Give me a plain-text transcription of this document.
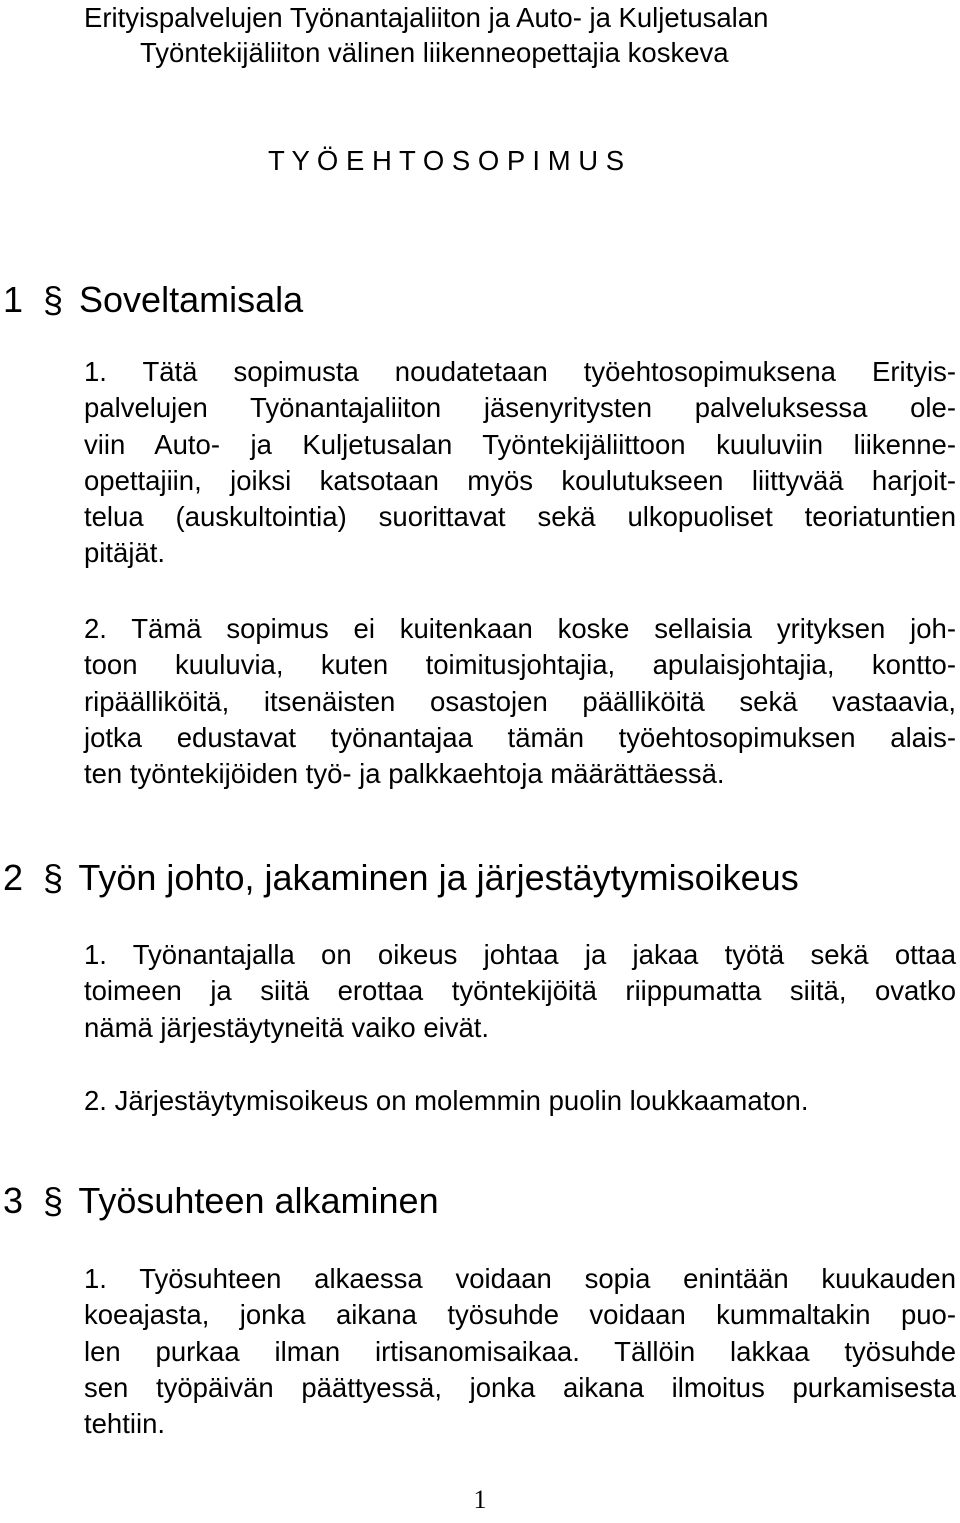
Erityispalvelujen Työnantajaliiton ja Auto- ja Kuljetusalan

Työntekijäliiton välinen liikenneopettajia koskeva

T Y Ö E H T O S O P I M U S

1 § Soveltamisala
1. Tätä sopimusta noudatetaan työehtosopimuksena Erityis-
palvelujen Työnantajaliiton jäsenyritysten palveluksessa ole-
viin Auto- ja Kuljetusalan Työntekijäliittoon kuuluviin liikenne-
opettajiin, joiksi katsotaan myös koulutukseen liittyvää harjoit-
telua (auskultointia) suorittavat sekä ulkopuoliset teoriatuntien
pitäjät.
2. Tämä sopimus ei kuitenkaan koske sellaisia yrityksen joh-
toon kuuluvia, kuten toimitusjohtajia, apulaisjohtajia, kontto-
ripäälliköitä, itsenäisten osastojen päälliköitä sekä vastaavia,
jotka edustavat työnantajaa tämän työehtosopimuksen alais-
ten työntekijöiden työ- ja palkkaehtoja määrättäessä.
2 § Työn johto, jakaminen ja järjestäytymisoikeus
1. Työnantajalla on oikeus johtaa ja jakaa työtä sekä ottaa
toimeen ja siitä erottaa työntekijöitä riippumatta siitä, ovatko
nämä järjestäytyneitä vaiko eivät.
2. Järjestäytymisoikeus on molemmin puolin loukkaamaton.
3 § Työsuhteen alkaminen
1. Työsuhteen alkaessa voidaan sopia enintään kuukauden
koeajasta, jonka aikana työsuhde voidaan kummaltakin puo-
len purkaa ilman irtisanomisaikaa. Tällöin lakkaa työsuhde
sen työpäivän päättyessä, jonka aikana ilmoitus purkamisesta
tehtiin.

1
